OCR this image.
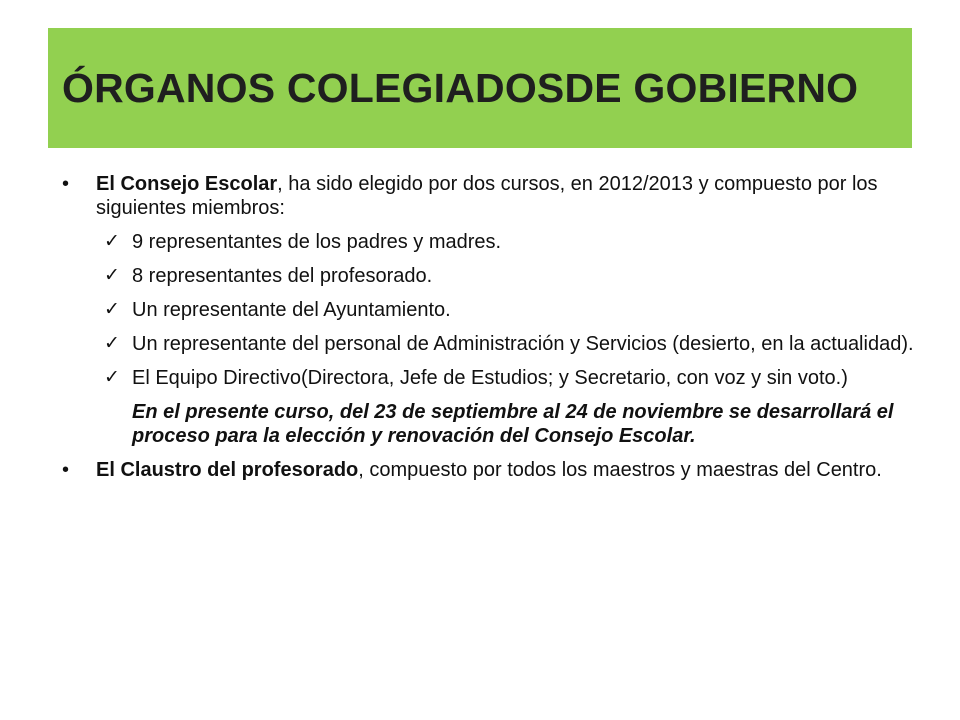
ÓRGANOS COLEGIADOSDE GOBIERNO
•	El Consejo Escolar, ha sido elegido por dos cursos, en 2012/2013 y compuesto por los siguientes miembros:
✓ 9 representantes de los padres y madres.
✓ 8 representantes del profesorado.
✓ Un representante del Ayuntamiento.
✓ Un representante del personal de Administración y Servicios (desierto, en la actualidad).
✓ El Equipo Directivo(Directora, Jefe de Estudios; y Secretario, con voz y sin voto.)
En el presente curso, del 23 de septiembre al 24 de noviembre se desarrollará el proceso para la elección y renovación del Consejo Escolar.
•	El Claustro del profesorado, compuesto por todos los maestros y maestras del Centro.
